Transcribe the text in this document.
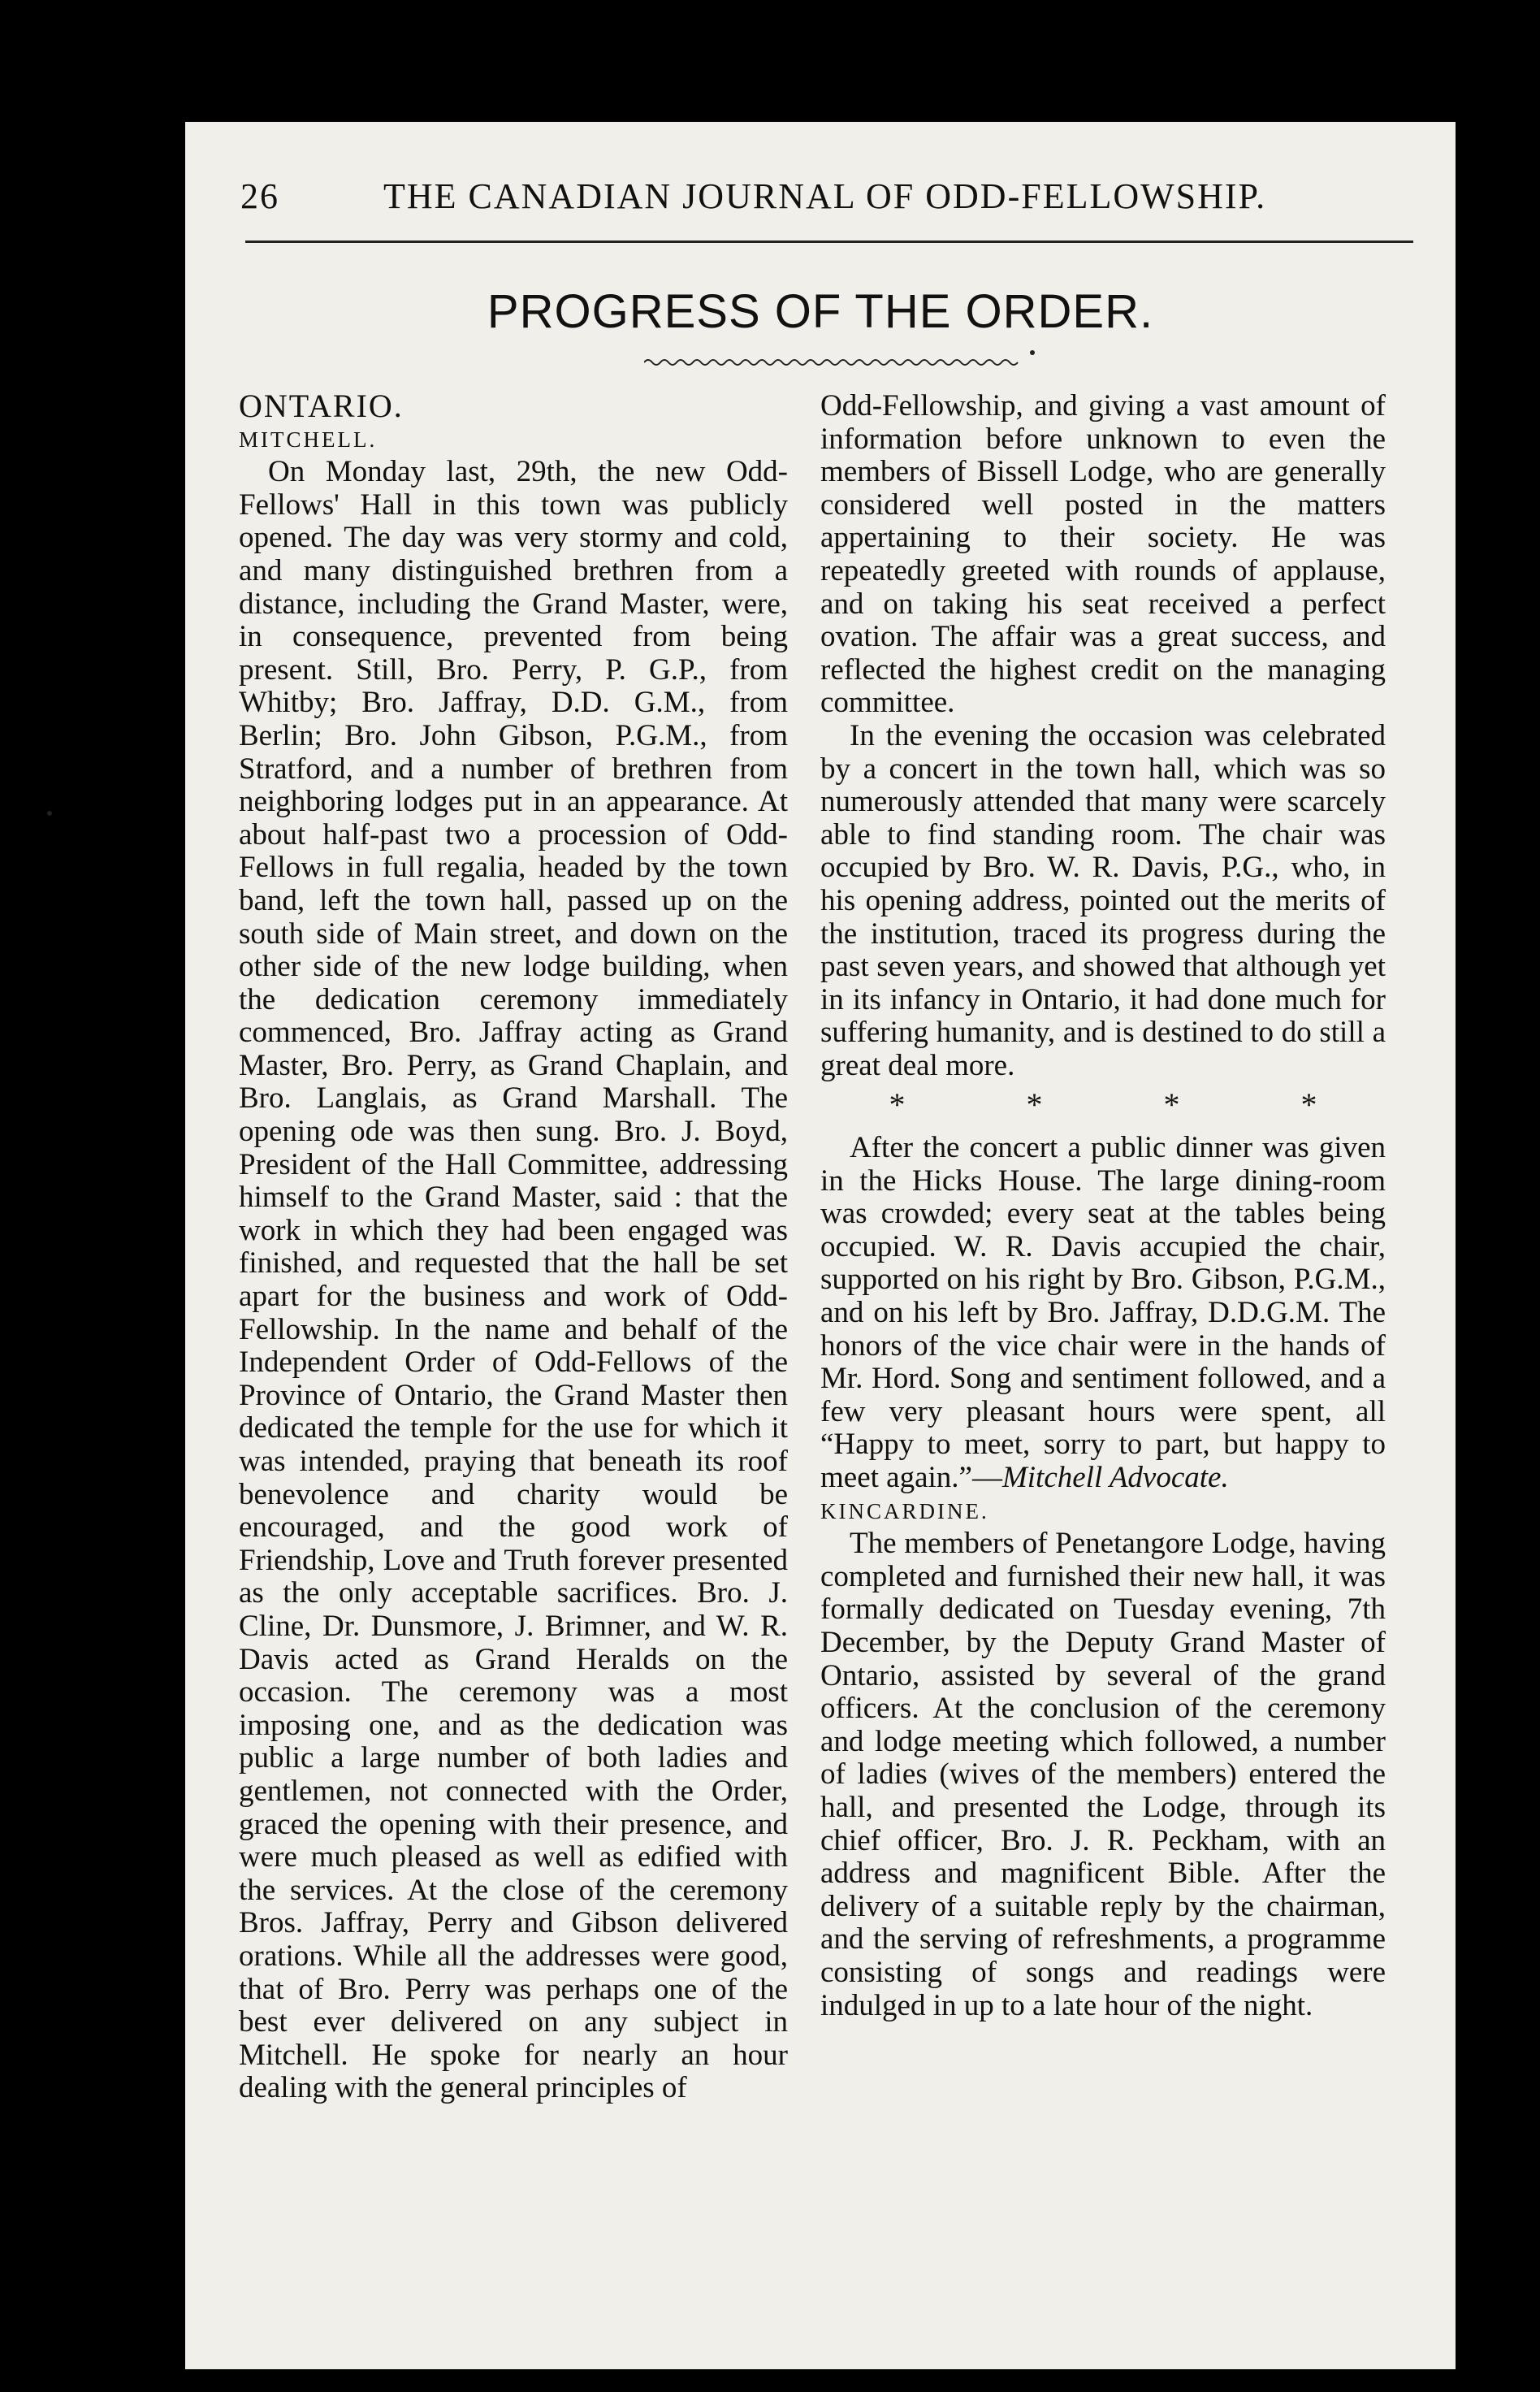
26	THE CANADIAN JOURNAL OF ODD-FELLOWSHIP.
PROGRESS OF THE ORDER.

ONTARIO.

MITCHELL.

On Monday last, 29th, the new Odd-Fellows' Hall in this town was publicly opened. The day was very stormy and cold, and many distinguished brethren from a distance, including the Grand Master, were, in consequence, prevented from being present. Still, Bro. Perry, P. G.P., from Whitby; Bro. Jaffray, D.D. G.M., from Berlin; Bro. John Gibson, P.G.M., from Stratford, and a number of brethren from neighboring lodges put in an appearance. At about half-past two a procession of Odd-Fellows in full regalia, headed by the town band, left the town hall, passed up on the south side of Main street, and down on the other side of the new lodge building, when the dedication ceremony immediately commenced, Bro. Jaffray acting as Grand Master, Bro. Perry, as Grand Chaplain, and Bro. Langlais, as Grand Marshall. The opening ode was then sung. Bro. J. Boyd, President of the Hall Committee, addressing himself to the Grand Master, said : that the work in which they had been engaged was finished, and requested that the hall be set apart for the business and work of Odd-Fellowship. In the name and behalf of the Independent Order of Odd-Fellows of the Province of Ontario, the Grand Master then dedicated the temple for the use for which it was intended, praying that beneath its roof benevolence and charity would be encouraged, and the good work of Friendship, Love and Truth forever presented as the only acceptable sacrifices. Bro. J. Cline, Dr. Dunsmore, J. Brimner, and W. R. Davis acted as Grand Heralds on the occasion. The ceremony was a most imposing one, and as the dedication was public a large number of both ladies and gentlemen, not connected with the Order, graced the opening with their presence, and were much pleased as well as edified with the services. At the close of the ceremony Bros. Jaffray, Perry and Gibson delivered orations. While all the addresses were good, that of Bro. Perry was perhaps one of the best ever delivered on any subject in Mitchell. He spoke for nearly an hour dealing with the general principles of

Odd-Fellowship, and giving a vast amount of information before unknown to even the members of Bissell Lodge, who are generally considered well posted in the matters appertaining to their society. He was repeatedly greeted with rounds of applause, and on taking his seat received a perfect ovation. The affair was a great success, and reflected the highest credit on the managing committee.

In the evening the occasion was celebrated by a concert in the town hall, which was so numerously attended that many were scarcely able to find standing room. The chair was occupied by Bro. W. R. Davis, P.G., who, in his opening address, pointed out the merits of the institution, traced its progress during the past seven years, and showed that although yet in its infancy in Ontario, it had done much for suffering humanity, and is destined to do still a great deal more.

*	*	*	*

After the concert a public dinner was given in the Hicks House. The large dining-room was crowded; every seat at the tables being occupied. W. R. Davis accupied the chair, supported on his right by Bro. Gibson, P.G.M., and on his left by Bro. Jaffray, D.D.G.M. The honors of the vice chair were in the hands of Mr. Hord. Song and sentiment followed, and a few very pleasant hours were spent, all “Happy to meet, sorry to part, but happy to meet again.”—Mitchell Advocate.

KINCARDINE.

The members of Penetangore Lodge, having completed and furnished their new hall, it was formally dedicated on Tuesday evening, 7th December, by the Deputy Grand Master of Ontario, assisted by several of the grand officers. At the conclusion of the ceremony and lodge meeting which followed, a number of ladies (wives of the members) entered the hall, and presented the Lodge, through its chief officer, Bro. J. R. Peckham, with an address and magnificent Bible. After the delivery of a suitable reply by the chairman, and the serving of refreshments, a programme consisting of songs and readings were indulged in up to a late hour of the night.
